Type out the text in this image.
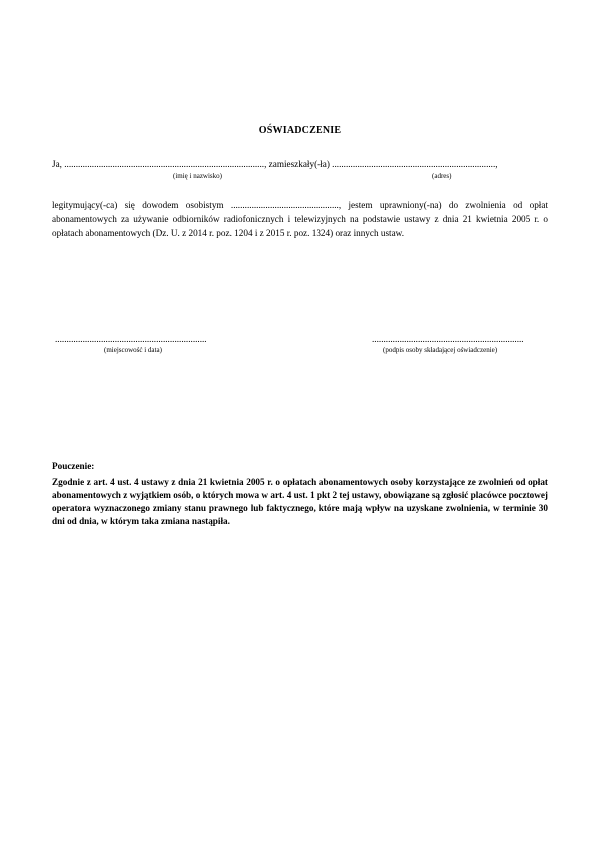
OŚWIADCZENIE
Ja, ......................................................................................., zamieszkały(-ła) .......................................................................,
(imię i nazwisko)	(adres)
legitymujący(-ca) się dowodem osobistym ..............................................., jestem uprawniony(-na) do zwolnienia od opłat abonamentowych za używanie odbiorników radiofonicznych i telewizyjnych na podstawie ustawy z dnia 21 kwietnia 2005 r. o opłatach abonamentowych (Dz. U. z 2014 r. poz. 1204 i z 2015 r. poz. 1324) oraz innych ustaw.
..................................................................
(miejscowość i data)
..................................................................
(podpis osoby składającej oświadczenie)
Pouczenie:
Zgodnie z art. 4 ust. 4 ustawy z dnia 21 kwietnia 2005 r. o opłatach abonamentowych osoby korzystające ze zwolnień od opłat abonamentowych z wyjątkiem osób, o których mowa w art. 4 ust. 1 pkt 2 tej ustawy, obowiązane są zgłosić placówce pocztowej operatora wyznaczonego zmiany stanu prawnego lub faktycznego, które mają wpływ na uzyskane zwolnienia, w terminie 30 dni od dnia, w którym taka zmiana nastąpiła.
